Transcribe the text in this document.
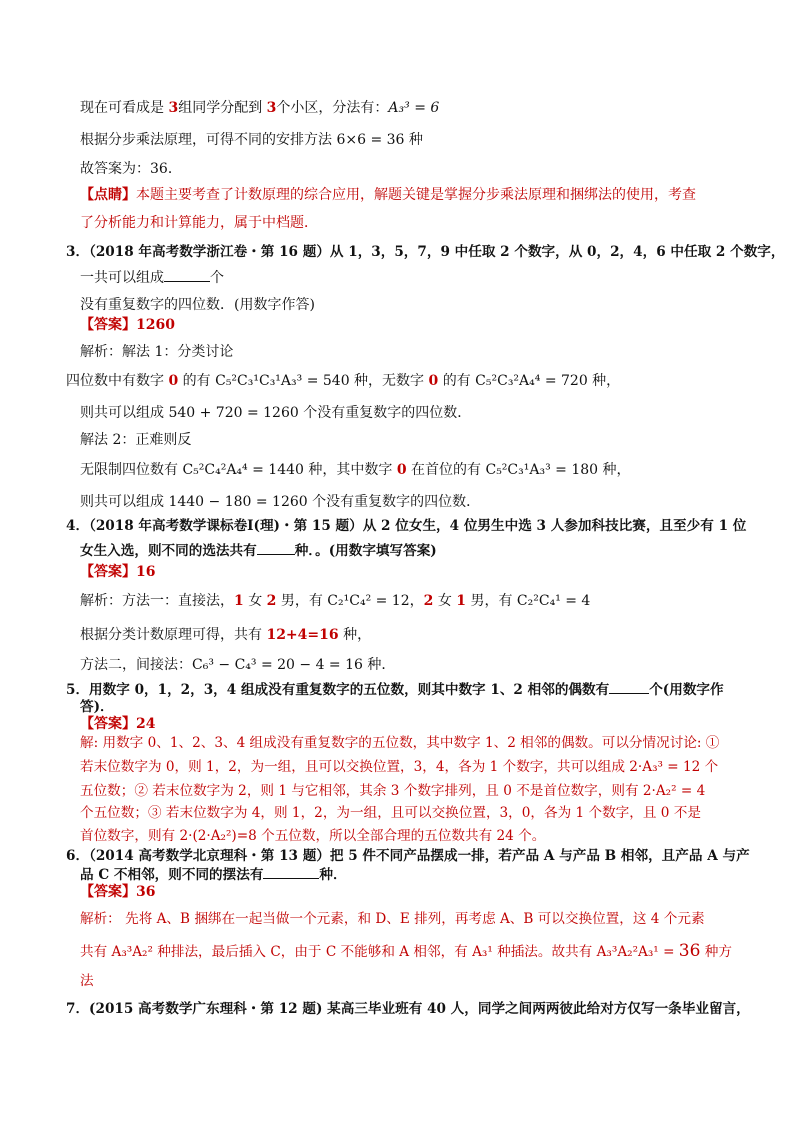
现在可看成是 3组同学分配到 3个小区，分法有：A₃³ = 6
根据分步乘法原理，可得不同的安排方法 6×6 = 36 种
故答案为：36．
【点睛】本题主要考查了计数原理的综合应用，解题关键是掌握分步乘法原理和捆绑法的使用，考查
了分析能力和计算能力，属于中档题．
3．（2018 年高考数学浙江卷・第 16 题）从 1，3，5，7，9 中任取 2 个数字，从 0，2，4，6 中任取 2 个数字，
一共可以组成	个
没有重复数字的四位数．(用数字作答)
【答案】1260
解析：解法 1：分类讨论
四位数中有数字 0 的有 C₅²C₃¹C₃¹A₃³ = 540 种，无数字 0 的有 C₅²C₃²A₄⁴ = 720 种，
则共可以组成 540 + 720 = 1260 个没有重复数字的四位数．
解法 2：正难则反
无限制四位数有 C₅²C₄²A₄⁴ = 1440 种，其中数字 0 在首位的有 C₅²C₃¹A₃³ = 180 种，
则共可以组成 1440 − 180 = 1260 个没有重复数字的四位数．
4．（2018 年高考数学课标卷Ⅰ(理)・第 15 题）从 2 位女生，4 位男生中选 3 人参加科技比赛，且至少有 1 位
女生入选，则不同的选法共有	种．。(用数字填写答案)
【答案】16
解析：方法一：直接法，1 女 2 男，有 C₂¹C₄² = 12，2 女 1 男，有 C₂²C₄¹ = 4
根据分类计数原理可得，共有 12+4=16 种，
方法二，间接法：C₆³ − C₄³ = 20 − 4 = 16 种．
5．用数字 0，1，2，3，4 组成没有重复数字的五位数，则其中数字 1、2 相邻的偶数有	个(用数字作
答)．
【答案】24
解: 用数字 0、1、2、3、4 组成没有重复数字的五位数，其中数字 1、2 相邻的偶数。可以分情况讨论: ①
若末位数字为 0，则 1，2，为一组，且可以交换位置，3，4，各为 1 个数字，共可以组成 2·A₃³ = 12 个
五位数；② 若末位数字为 2，则 1 与它相邻，其余 3 个数字排列，且 0 不是首位数字，则有 2·A₂² = 4
个五位数；③ 若末位数字为 4，则 1，2，为一组，且可以交换位置，3，0，各为 1 个数字，且 0 不是
首位数字，则有 2·(2·A₂²)=8 个五位数，所以全部合理的五位数共有 24 个。
6．（2014 高考数学北京理科・第 13 题）把 5 件不同产品摆成一排，若产品 A 与产品 B 相邻，且产品 A 与产
品 C 不相邻，则不同的摆法有	种．
【答案】36
解析： 先将 A、B 捆绑在一起当做一个元素，和 D、E 排列，再考虑 A、B 可以交换位置，这 4 个元素
共有 A₃³A₂² 种排法，最后插入 C，由于 C 不能够和 A 相邻，有 A₃¹ 种插法。故共有 A₃³A₂²A₃¹ = 36 种方
法
7．(2015 高考数学广东理科・第 12 题) 某高三毕业班有 40 人，同学之间两两彼此给对方仅写一条毕业留言，
